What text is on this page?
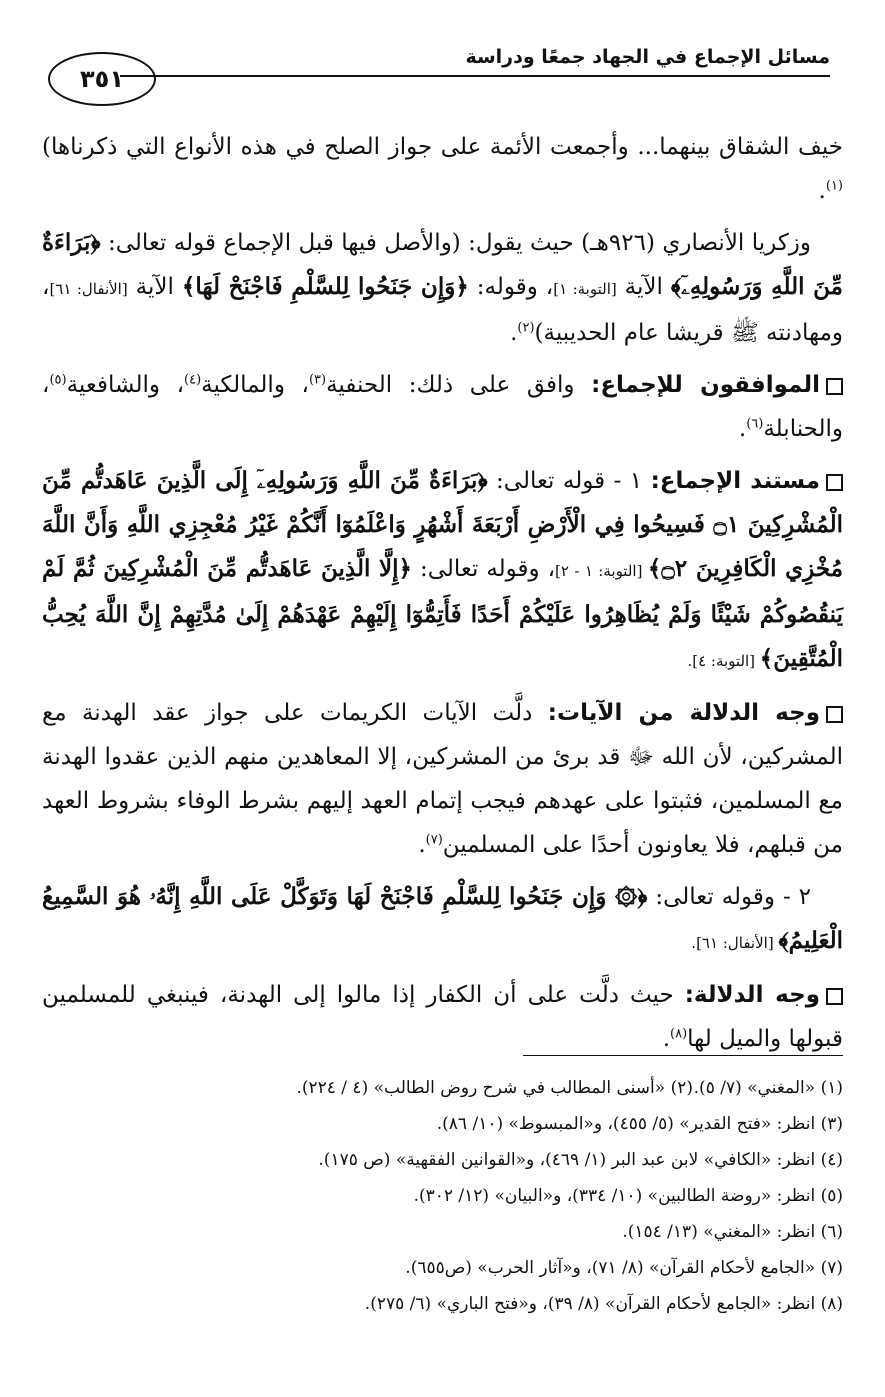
مسائل الإجماع في الجهاد جمعًا ودراسة
٣٥١

خيف الشقاق بينهما... وأجمعت الأئمة على جواز الصلح في هذه الأنواع التي ذكرناها)$^{(١)}$.

وزكريا الأنصاري (٩٢٦هـ) حيث يقول: (والأصل فيها قبل الإجماع قوله تعالى: ﴿بَرَاءَةٌ مِّنَ اللَّهِ وَرَسُولِهِۦٓ﴾ الآية [التوبة: ١]، وقوله: ﴿وَإِن جَنَحُوا لِلسَّلْمِ فَاجْنَحْ لَهَا﴾ الآية [الأنفال: ٦١]، ومهادنته ﷺ قريشا عام الحديبية)$^{(٢)}$.

الموافقون للإجماع: وافق على ذلك: الحنفية$^{(٣)}$، والمالكية$^{(٤)}$، والشافعية$^{(٥)}$، والحنابلة$^{(٦)}$.

مستند الإجماع: ١ - قوله تعالى: ﴿بَرَاءَةٌ مِّنَ اللَّهِ وَرَسُولِهِۦٓ إِلَى الَّذِينَ عَاهَدتُّم مِّنَ الْمُشْرِكِينَ ۝١ فَسِيحُوا فِي الْأَرْضِ أَرْبَعَةَ أَشْهُرٍ وَاعْلَمُوٓا أَنَّكُمْ غَيْرُ مُعْجِزِي اللَّهِ وَأَنَّ اللَّهَ مُخْزِي الْكَافِرِينَ ۝٢﴾ [التوبة: ١ - ٢]، وقوله تعالى: ﴿إِلَّا الَّذِينَ عَاهَدتُّم مِّنَ الْمُشْرِكِينَ ثُمَّ لَمْ يَنقُصُوكُمْ شَيْئًا وَلَمْ يُظَاهِرُوا عَلَيْكُمْ أَحَدًا فَأَتِمُّوٓا إِلَيْهِمْ عَهْدَهُمْ إِلَىٰ مُدَّتِهِمْ إِنَّ اللَّهَ يُحِبُّ الْمُتَّقِينَ﴾ [التوبة: ٤].

وجه الدلالة من الآيات: دلَّت الآيات الكريمات على جواز عقد الهدنة مع المشركين، لأن الله ﷻ قد برئ من المشركين، إلا المعاهدين منهم الذين عقدوا الهدنة مع المسلمين، فثبتوا على عهدهم فيجب إتمام العهد إليهم بشرط الوفاء بشروط العهد من قبلهم، فلا يعاونون أحدًا على المسلمين$^{(٧)}$.

٢ - وقوله تعالى: ﴿۞ وَإِن جَنَحُوا لِلسَّلْمِ فَاجْنَحْ لَهَا وَتَوَكَّلْ عَلَى اللَّهِ إِنَّهُۥ هُوَ السَّمِيعُ الْعَلِيمُ﴾ [الأنفال: ٦١].

وجه الدلالة: حيث دلَّت على أن الكفار إذا مالوا إلى الهدنة، فينبغي للمسلمين قبولها والميل لها$^{(٨)}$.

(١) «المغني» (٧/ ٥).
(٢) «أسنى المطالب في شرح روض الطالب» (٤ / ٢٢٤).
(٣) انظر: «فتح القدير» (٥/ ٤٥٥)، و«المبسوط» (١٠/ ٨٦).
(٤) انظر: «الكافي» لابن عبد البر (١/ ٤٦٩)، و«القوانين الفقهية» (ص ١٧٥).
(٥) انظر: «روضة الطالبين» (١٠/ ٣٣٤)، و«البيان» (١٢/ ٣٠٢).
(٦) انظر: «المغني» (١٣/ ١٥٤).
(٧) «الجامع لأحكام القرآن» (٨/ ٧١)، و«آثار الحرب» (ص٦٥٥).
(٨) انظر: «الجامع لأحكام القرآن» (٨/ ٣٩)، و«فتح الباري» (٦/ ٢٧٥).
